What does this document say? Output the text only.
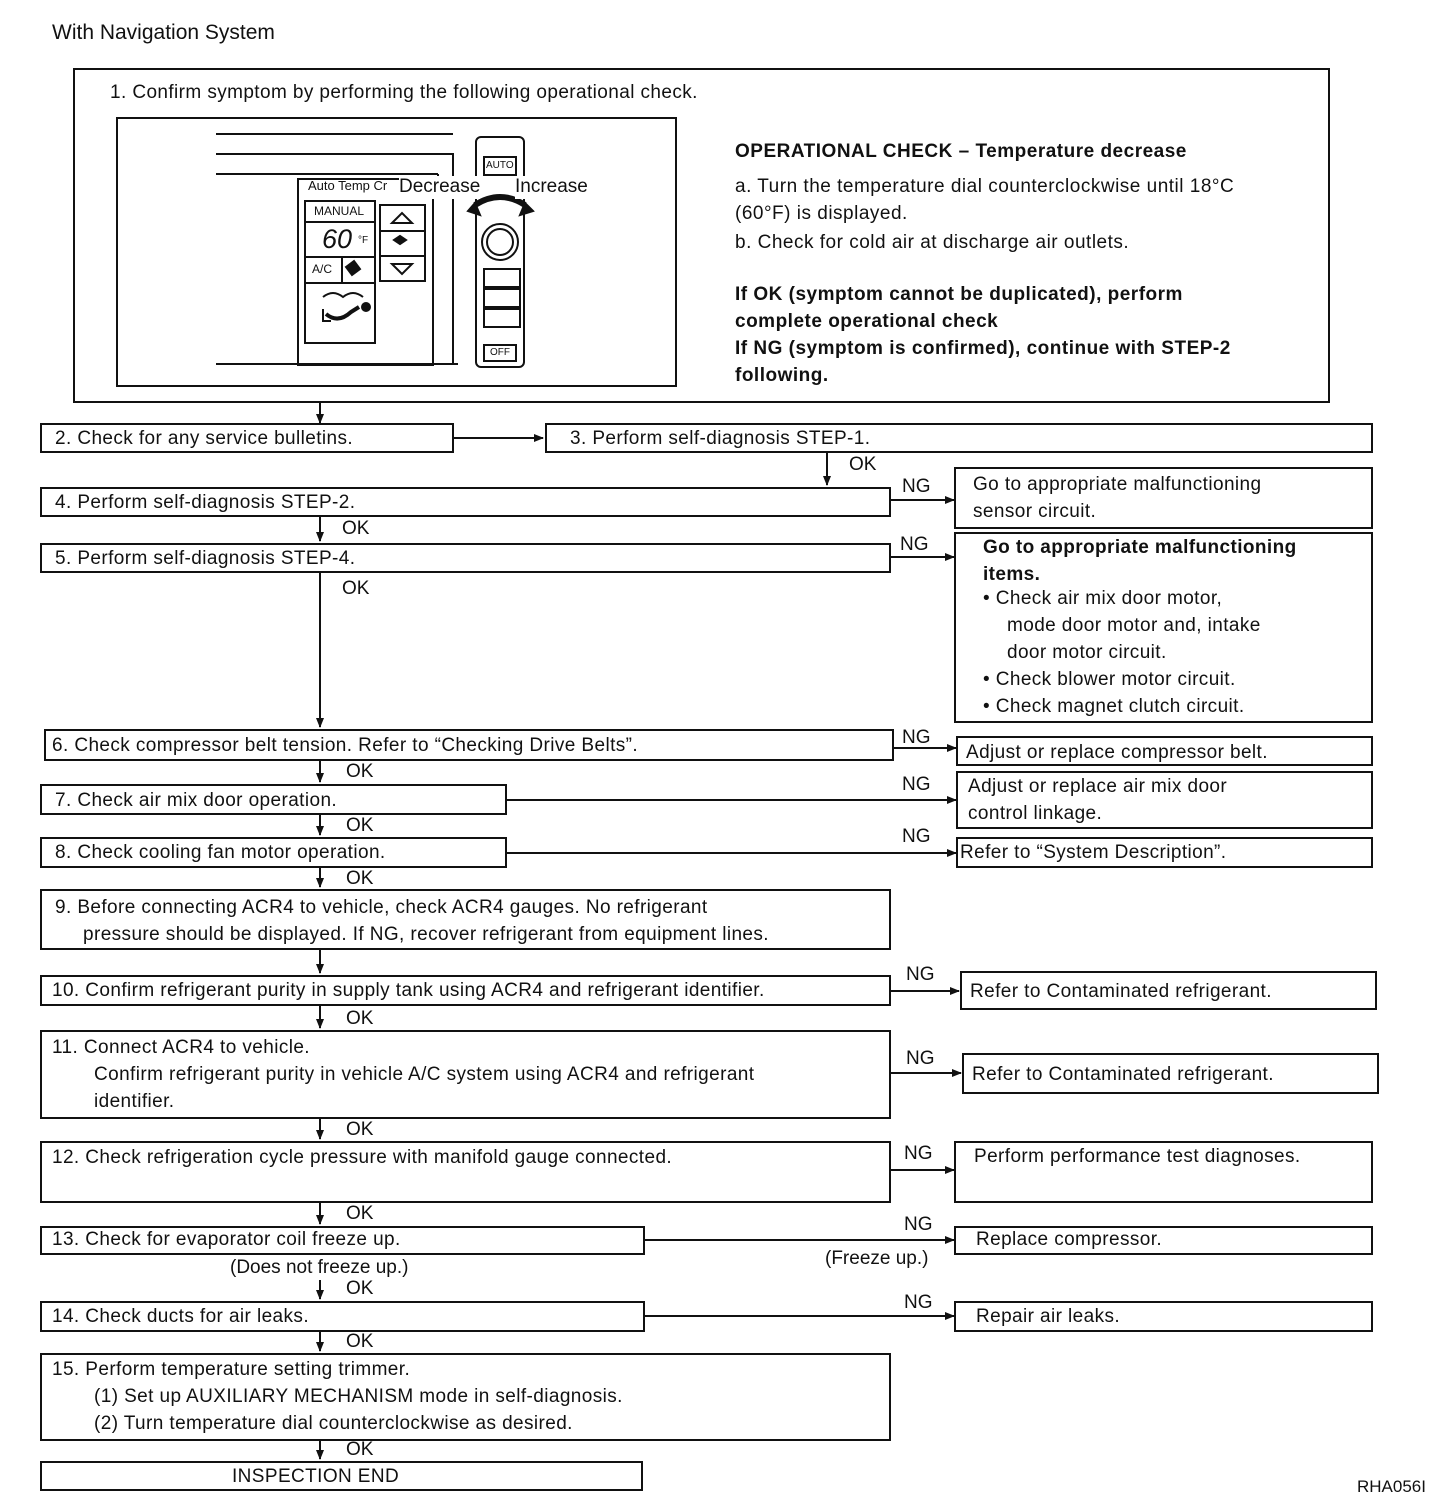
With Navigation System
1. Confirm symptom by performing the following operational check.
Auto Temp Cr
MANUAL
60 °F
A/C
AUTO
OFF
Decrease Increase
OPERATIONAL CHECK – Temperature decrease
a. Turn the temperature dial counterclockwise until 18°C
(60°F) is displayed.
b. Check for cold air at discharge air outlets.
If OK (symptom cannot be duplicated), perform
complete operational check
If NG (symptom is confirmed), continue with STEP-2
following.
2. Check for any service bulletins.	3. Perform self-diagnosis STEP-1.
OK
4. Perform self-diagnosis STEP-2.
NG Go to appropriate malfunctioning
sensor circuit.
OK
5. Perform self-diagnosis STEP-4.
NG	Go to appropriate malfunctioning
items.
• Check air mix door motor,
mode door motor and, intake
door motor circuit.
• Check blower motor circuit.
• Check magnet clutch circuit.
OK
6. Check compressor belt tension. Refer to “Checking Drive Belts”.	NG
Adjust or replace compressor belt.
OK
7. Check air mix door operation.
NG Adjust or replace air mix door
control linkage.
OK
8. Check cooling fan motor operation.
NG
Refer to “System Description”.
OK
9. Before connecting ACR4 to vehicle, check ACR4 gauges. No refrigerant
pressure should be displayed. If NG, recover refrigerant from equipment lines.
10. Confirm refrigerant purity in supply tank using ACR4 and refrigerant identifier.
NG
Refer to Contaminated refrigerant.
OK
11. Connect ACR4 to vehicle.
Confirm refrigerant purity in vehicle A/C system using ACR4 and refrigerant
identifier.
NG
Refer to Contaminated refrigerant.
OK
12. Check refrigeration cycle pressure with manifold gauge connected.	NG Perform performance test diagnoses.
OK
13. Check for evaporator coil freeze up.
(Does not freeze up.)	(Freeze up.)
NG
Replace compressor.
OK
14. Check ducts for air leaks.
NG
Repair air leaks.
OK
15. Perform temperature setting trimmer.
(1) Set up AUXILIARY MECHANISM mode in self-diagnosis.
(2) Turn temperature dial counterclockwise as desired.
OK
INSPECTION END	RHA056I
